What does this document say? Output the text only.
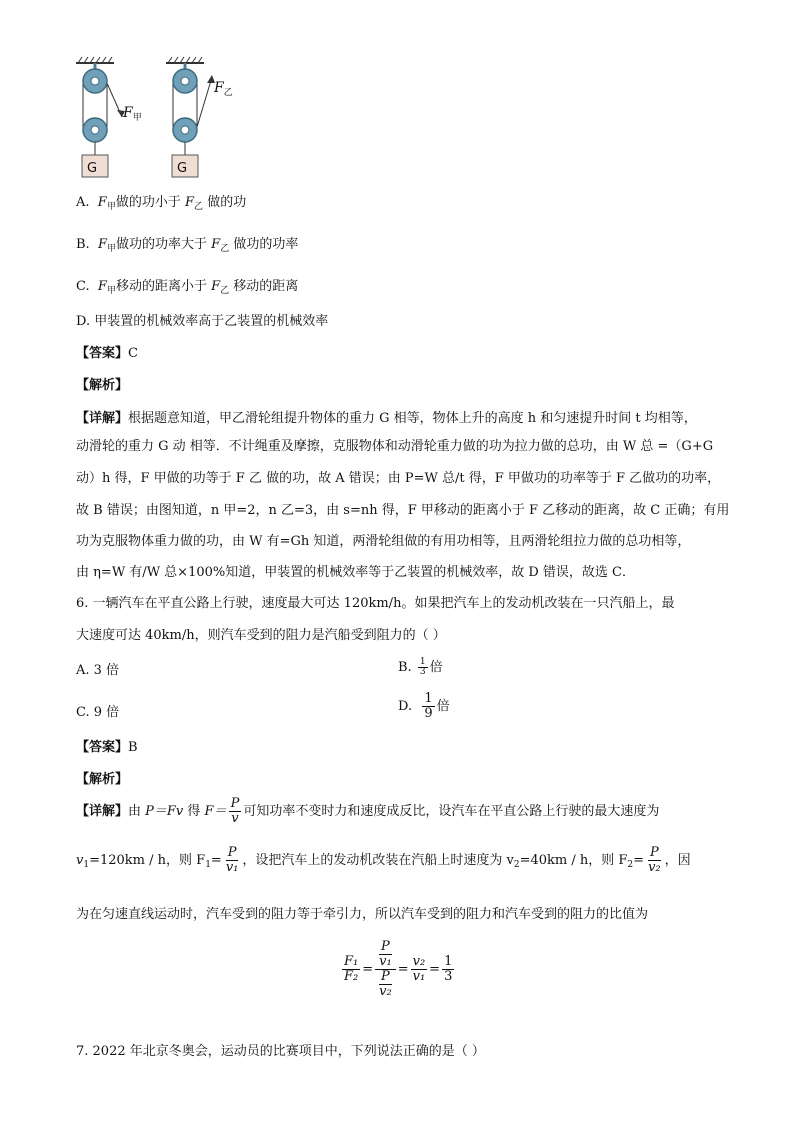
G	G
$F_甲$
$F_乙$
A. $F_甲$做的功小于 $F_乙$ 做的功
B. $F_甲$做功的功率大于 $F_乙$ 做功的功率
C. $F_甲$移动的距离小于 $F_乙$ 移动的距离
D. 甲装置的机械效率高于乙装置的机械效率
【答案】C
【解析】
【详解】根据题意知道，甲乙滑轮组提升物体的重力 G 相等，物体上升的高度 h 和匀速提升时间 t 均相等，
动滑轮的重力 G 动 相等．不计绳重及摩擦，克服物体和动滑轮重力做的功为拉力做的总功，由 W 总 =（G+G
动）h 得，F 甲做的功等于 F 乙 做的功，故 A 错误；由 P=W 总/t 得，F 甲做功的功率等于 F 乙做功的功率，
故 B 错误；由图知道，n 甲=2，n 乙=3，由 s=nh 得，F 甲移动的距离小于 F 乙移动的距离，故 C 正确；有用
功为克服物体重力做的功，由 W 有=Gh 知道，两滑轮组做的有用功相等，且两滑轮组拉力做的总功相等，
由 η=W 有/W 总×100%知道，甲装置的机械效率等于乙装置的机械效率，故 D 错误，故选 C．
6. 一辆汽车在平直公路上行驶，速度最大可达 120km/h。如果把汽车上的发动机改装在一只汽船上，最
大速度可达 40km/h，则汽车受到的阻力是汽船受到阻力的（ ）
A. 3 倍	B. $\frac{1}{3}$ 倍
C. 9 倍	D. $\frac{1}{9}$ 倍
【答案】B
【解析】
【详解】由 P＝Fv 得 $F= \frac{P}{v}$ 可知功率不变时力和速度成反比，设汽车在平直公路上行驶的最大速度为
$v_1=120km / h$，则 $F_1= \frac{P}{\text{v₁}}$ ，设把汽车上的发动机改装在汽船上时速度为 $v_2=40km / h$，则 $F_2= \frac{P}{\text{v₂}}$ ，因
为在匀速直线运动时，汽车受到的阻力等于牵引力，所以汽车受到的阻力和汽车受到的阻力的比值为
$\frac{\text{F₁}}{\text{F₂}} = \frac{\frac{P}{\text{v₁}}}{\frac{P}{\text{v₂}}} = \frac{\text{v₂}}{\text{v₁}} = \frac{1}{3}$
7. 2022 年北京冬奥会，运动员的比赛项目中，下列说法正确的是（ ）
